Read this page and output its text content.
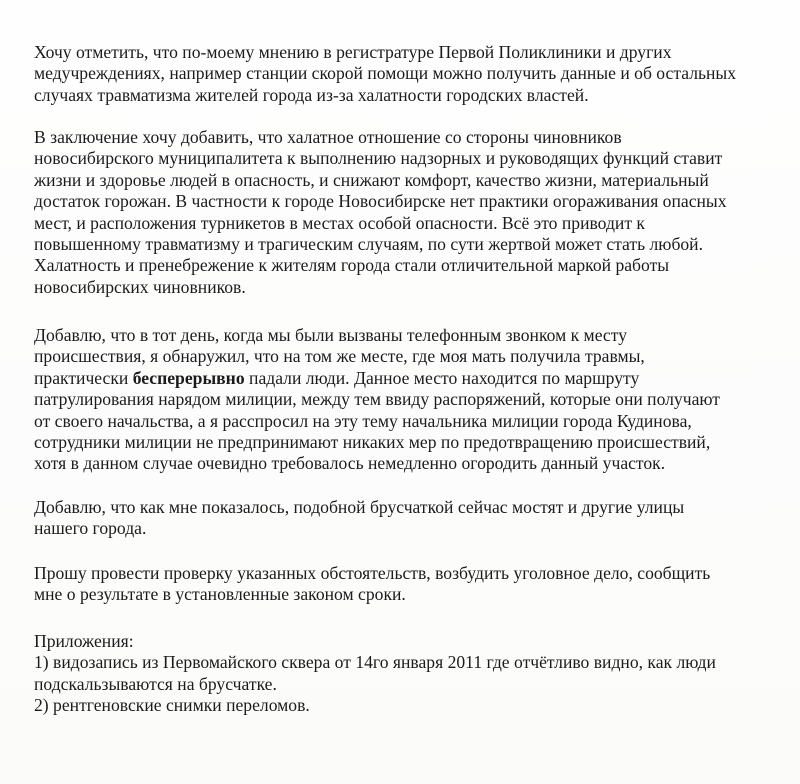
Хочу отметить, что по-моему мнению в регистратуре Первой Поликлиники и других
медучреждениях, например станции скорой помощи можно получить данные и об остальных
случаях травматизма жителей города из-за халатности городских властей.

В заключение хочу добавить, что халатное отношение со стороны чиновников
новосибирского муниципалитета к выполнению надзорных и руководящих функций ставит
жизни и здоровье людей в опасность, и снижают комфорт, качество жизни, материальный
достаток горожан. В частности к городе Новосибирске нет практики огораживания опасных
мест, и расположения турникетов в местах особой опасности. Всё это приводит к
повышенному травматизму и трагическим случаям, по сути жертвой может стать любой.
Халатность и пренебрежение к жителям города стали отличительной маркой работы
новосибирских чиновников.

Добавлю, что в тот день, когда мы были вызваны телефонным звонком к месту
происшествия, я обнаружил, что на том же месте, где моя мать получила травмы,
практически бесперерывно падали люди. Данное место находится по маршруту
патрулирования нарядом милиции, между тем ввиду распоряжений, которые они получают
от своего начальства, а я расспросил на эту тему начальника милиции города Кудинова,
сотрудники милиции не предпринимают никаких мер по предотвращению происшествий,
хотя в данном случае очевидно требовалось немедленно огородить данный участок.

Добавлю, что как мне показалось, подобной брусчаткой сейчас мостят и другие улицы
нашего города.

Прошу провести проверку указанных обстоятельств, возбудить уголовное дело, сообщить
мне о результате в установленные законом сроки.

Приложения:
1) видозапись из Первомайского сквера от 14го января 2011 где отчётливо видно, как люди
подскальзываются на брусчатке.
2) рентгеновские снимки переломов.
